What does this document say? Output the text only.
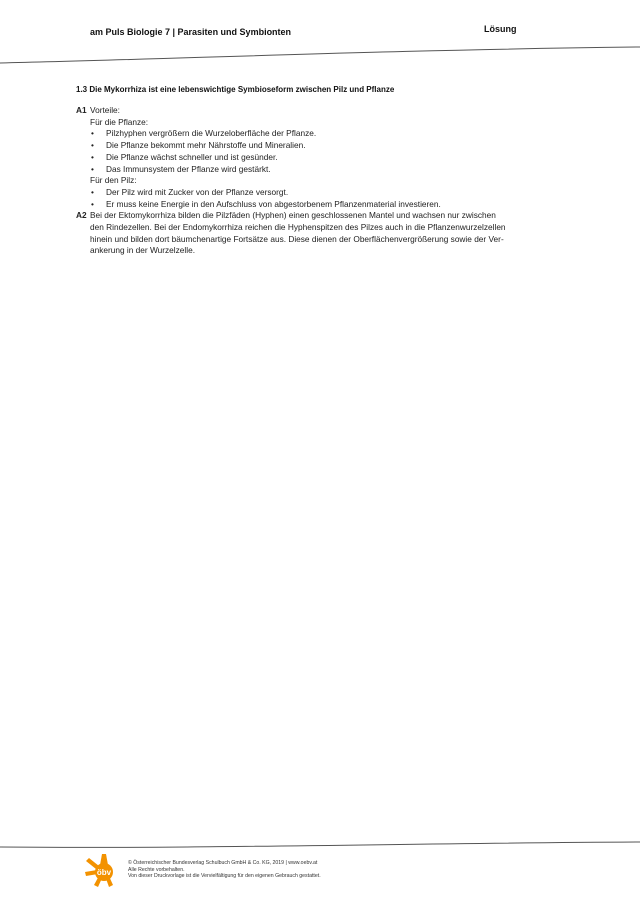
am Puls Biologie 7 | Parasiten und Symbionten	Lösung
1.3 Die Mykorrhiza ist eine lebenswichtige Symbioseform zwischen Pilz und Pflanze
A1 Vorteile:
Für die Pflanze:
• Pilzhyphen vergrößern die Wurzeloberfläche der Pflanze.
• Die Pflanze bekommt mehr Nährstoffe und Mineralien.
• Die Pflanze wächst schneller und ist gesünder.
• Das Immunsystem der Pflanze wird gestärkt.
Für den Pilz:
• Der Pilz wird mit Zucker von der Pflanze versorgt.
• Er muss keine Energie in den Aufschluss von abgestorbenem Pflanzenmaterial investieren.
A2 Bei der Ektomykorrhiza bilden die Pilzfäden (Hyphen) einen geschlossenen Mantel und wachsen nur zwischen
den Rindezellen. Bei der Endomykorrhiza reichen die Hyphenspitzen des Pilzes auch in die Pflanzenwurzelzellen
hinein und bilden dort bäumchenartige Fortsätze aus. Diese dienen der Oberflächenvergrößerung sowie der Ver-
ankerung in der Wurzelzelle.
öbv
© Österreichischer Bundesverlag Schulbuch GmbH & Co. KG, 2019 | www.oebv.at
Alle Rechte vorbehalten.
Von dieser Druckvorlage ist die Vervielfältigung für den eigenen Gebrauch gestattet.
